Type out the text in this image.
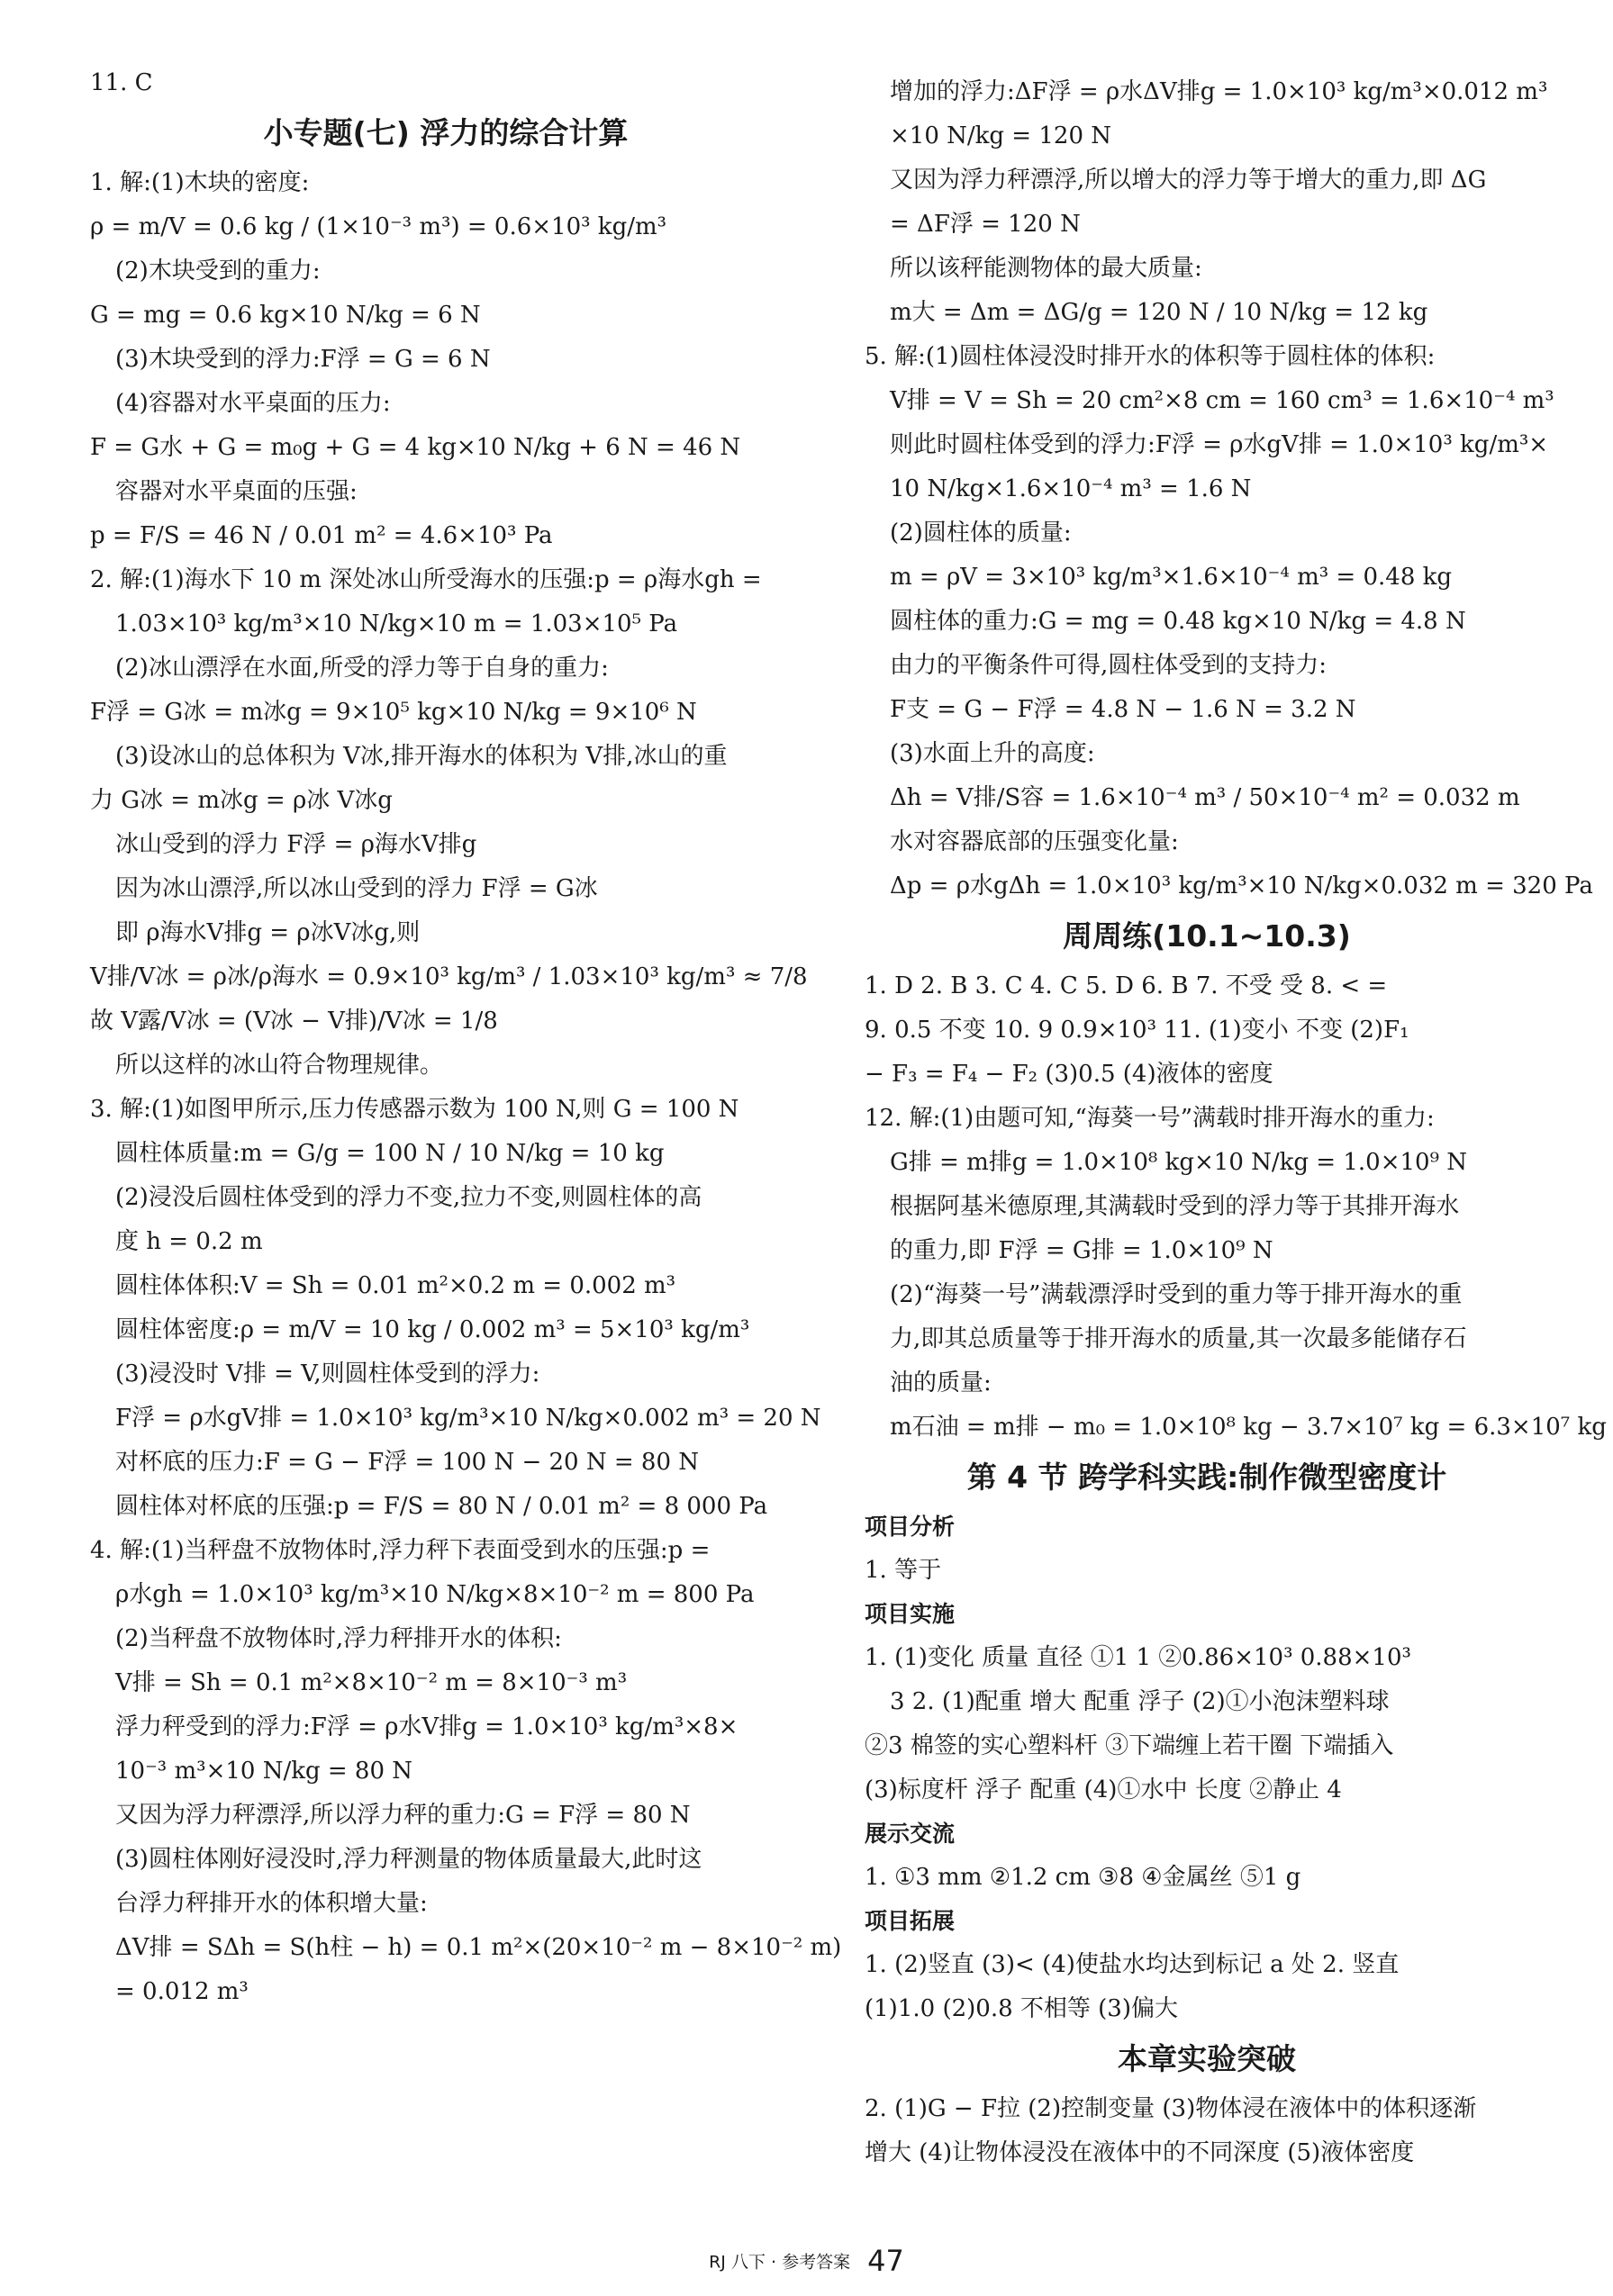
11. C
小专题(七) 浮力的综合计算
1. 解:(1)木块的密度:
ρ = m/V = 0.6 kg / (1×10⁻³ m³) = 0.6×10³ kg/m³
(2)木块受到的重力:
G = mg = 0.6 kg×10 N/kg = 6 N
(3)木块受到的浮力:F浮 = G = 6 N
(4)容器对水平桌面的压力:
F = G水 + G = m₀g + G = 4 kg×10 N/kg + 6 N = 46 N
容器对水平桌面的压强:
p = F/S = 46 N / 0.01 m² = 4.6×10³ Pa
2. 解:(1)海水下 10 m 深处冰山所受海水的压强:p = ρ海水gh =
1.03×10³ kg/m³×10 N/kg×10 m = 1.03×10⁵ Pa
(2)冰山漂浮在水面,所受的浮力等于自身的重力:
F浮 = G冰 = m冰g = 9×10⁵ kg×10 N/kg = 9×10⁶ N
(3)设冰山的总体积为 V冰,排开海水的体积为 V排,冰山的重
力 G冰 = m冰g = ρ冰 V冰g
冰山受到的浮力 F浮 = ρ海水V排g
因为冰山漂浮,所以冰山受到的浮力 F浮 = G冰
即 ρ海水V排g = ρ冰V冰g,则
V排/V冰 = ρ冰/ρ海水 = 0.9×10³ kg/m³ / 1.03×10³ kg/m³ ≈ 7/8
故 V露/V冰 = (V冰 − V排)/V冰 = 1/8
所以这样的冰山符合物理规律。
3. 解:(1)如图甲所示,压力传感器示数为 100 N,则 G = 100 N
圆柱体质量:m = G/g = 100 N / 10 N/kg = 10 kg
(2)浸没后圆柱体受到的浮力不变,拉力不变,则圆柱体的高
度 h = 0.2 m
圆柱体体积:V = Sh = 0.01 m²×0.2 m = 0.002 m³
圆柱体密度:ρ = m/V = 10 kg / 0.002 m³ = 5×10³ kg/m³
(3)浸没时 V排 = V,则圆柱体受到的浮力:
F浮 = ρ水gV排 = 1.0×10³ kg/m³×10 N/kg×0.002 m³ = 20 N
对杯底的压力:F = G − F浮 = 100 N − 20 N = 80 N
圆柱体对杯底的压强:p = F/S = 80 N / 0.01 m² = 8 000 Pa
4. 解:(1)当秤盘不放物体时,浮力秤下表面受到水的压强:p =
ρ水gh = 1.0×10³ kg/m³×10 N/kg×8×10⁻² m = 800 Pa
(2)当秤盘不放物体时,浮力秤排开水的体积:
V排 = Sh = 0.1 m²×8×10⁻² m = 8×10⁻³ m³
浮力秤受到的浮力:F浮 = ρ水V排g = 1.0×10³ kg/m³×8×
10⁻³ m³×10 N/kg = 80 N
又因为浮力秤漂浮,所以浮力秤的重力:G = F浮 = 80 N
(3)圆柱体刚好浸没时,浮力秤测量的物体质量最大,此时这
台浮力秤排开水的体积增大量:
ΔV排 = SΔh = S(h柱 − h) = 0.1 m²×(20×10⁻² m − 8×10⁻² m)
= 0.012 m³
增加的浮力:ΔF浮 = ρ水ΔV排g = 1.0×10³ kg/m³×0.012 m³
×10 N/kg = 120 N
又因为浮力秤漂浮,所以增大的浮力等于增大的重力,即 ΔG
= ΔF浮 = 120 N
所以该秤能测物体的最大质量:
m大 = Δm = ΔG/g = 120 N / 10 N/kg = 12 kg
5. 解:(1)圆柱体浸没时排开水的体积等于圆柱体的体积:
V排 = V = Sh = 20 cm²×8 cm = 160 cm³ = 1.6×10⁻⁴ m³
则此时圆柱体受到的浮力:F浮 = ρ水gV排 = 1.0×10³ kg/m³×
10 N/kg×1.6×10⁻⁴ m³ = 1.6 N
(2)圆柱体的质量:
m = ρV = 3×10³ kg/m³×1.6×10⁻⁴ m³ = 0.48 kg
圆柱体的重力:G = mg = 0.48 kg×10 N/kg = 4.8 N
由力的平衡条件可得,圆柱体受到的支持力:
F支 = G − F浮 = 4.8 N − 1.6 N = 3.2 N
(3)水面上升的高度:
Δh = V排/S容 = 1.6×10⁻⁴ m³ / 50×10⁻⁴ m² = 0.032 m
水对容器底部的压强变化量:
Δp = ρ水gΔh = 1.0×10³ kg/m³×10 N/kg×0.032 m = 320 Pa
周周练(10.1~10.3)
1. D 2. B 3. C 4. C 5. D 6. B 7. 不受 受 8. < =
9. 0.5 不变 10. 9 0.9×10³ 11. (1)变小 不变 (2)F₁
− F₃ = F₄ − F₂ (3)0.5 (4)液体的密度
12. 解:(1)由题可知,“海葵一号”满载时排开海水的重力:
G排 = m排g = 1.0×10⁸ kg×10 N/kg = 1.0×10⁹ N
根据阿基米德原理,其满载时受到的浮力等于其排开海水
的重力,即 F浮 = G排 = 1.0×10⁹ N
(2)“海葵一号”满载漂浮时受到的重力等于排开海水的重
力,即其总质量等于排开海水的质量,其一次最多能储存石
油的质量:
m石油 = m排 − m₀ = 1.0×10⁸ kg − 3.7×10⁷ kg = 6.3×10⁷ kg
第 4 节 跨学科实践:制作微型密度计
项目分析
1. 等于
项目实施
1. (1)变化 质量 直径 ①1 1 ②0.86×10³ 0.88×10³
3 2. (1)配重 增大 配重 浮子 (2)①小泡沫塑料球
②3 棉签的实心塑料杆 ③下端缠上若干圈 下端插入
(3)标度杆 浮子 配重 (4)①水中 长度 ②静止 4
展示交流
1. ①3 mm ②1.2 cm ③8 ④金属丝 ⑤1 g
项目拓展
1. (2)竖直 (3)< (4)使盐水均达到标记 a 处 2. 竖直
(1)1.0 (2)0.8 不相等 (3)偏大
本章实验突破
2. (1)G − F拉 (2)控制变量 (3)物体浸在液体中的体积逐渐
增大 (4)让物体浸没在液体中的不同深度 (5)液体密度
RJ 八下 · 参考答案 47
